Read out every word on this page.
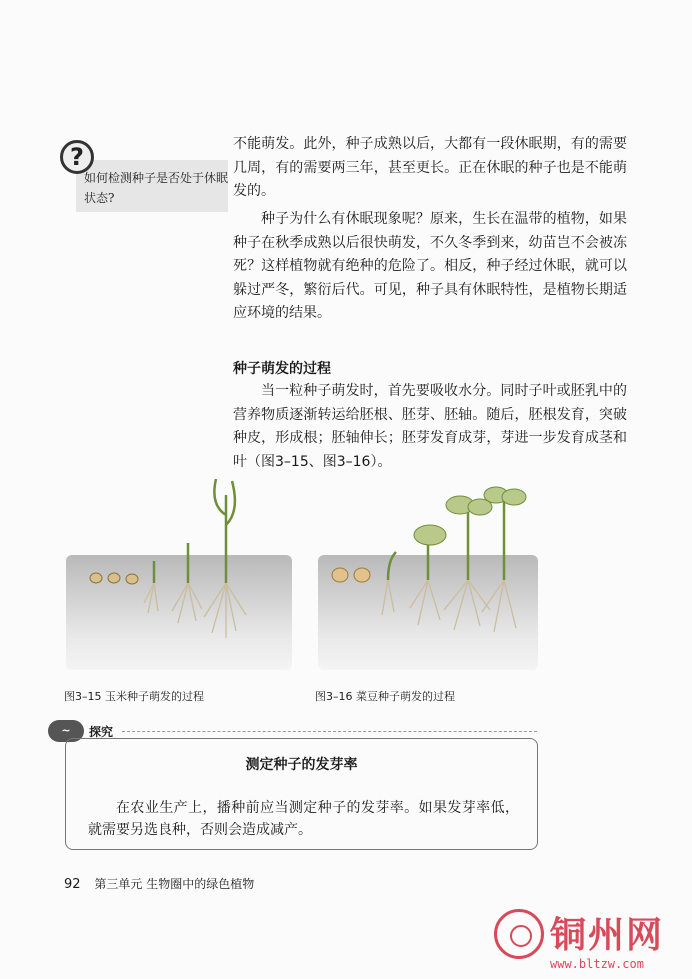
?
如何检测种子是否处于休眠状态?

不能萌发。此外，种子成熟以后，大都有一段休眠期，有的需要几周，有的需要两三年，甚至更长。正在休眠的种子也是不能萌发的。

种子为什么有休眠现象呢？原来，生长在温带的植物，如果种子在秋季成熟以后很快萌发，不久冬季到来，幼苗岂不会被冻死？这样植物就有绝种的危险了。相反，种子经过休眠，就可以躲过严冬，繁衍后代。可见，种子具有休眠特性，是植物长期适应环境的结果。

种子萌发的过程

当一粒种子萌发时，首先要吸收水分。同时子叶或胚乳中的营养物质逐渐转运给胚根、胚芽、胚轴。随后，胚根发育，突破种皮，形成根；胚轴伸长；胚芽发育成芽，芽进一步发育成茎和叶（图3–15、图3–16）。

图3–15 玉米种子萌发的过程	图3–16 菜豆种子萌发的过程
~	探究
测定种子的发芽率

在农业生产上，播种前应当测定种子的发芽率。如果发芽率低，就需要另选良种，否则会造成减产。

92 第三单元 生物圈中的绿色植物
铜州网
www.bltzw.com
